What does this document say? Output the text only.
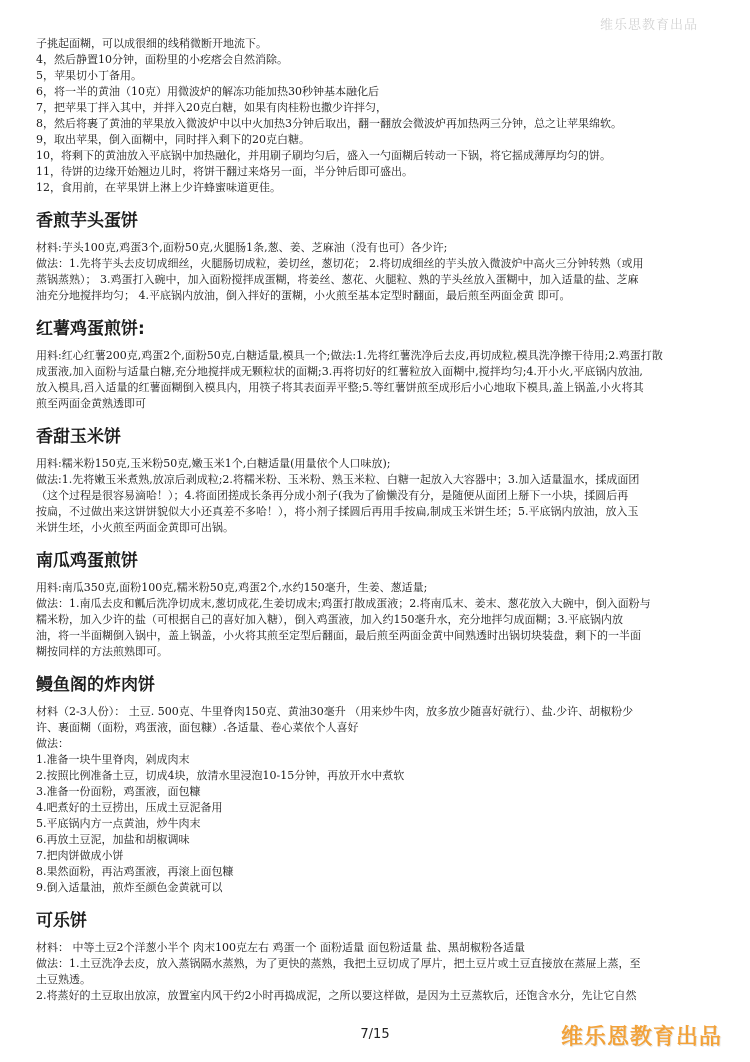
维乐思教育出品
子挑起面糊，可以成很细的线稍微断开地流下。
4，然后静置10分钟，面粉里的小疙瘩会自然消除。
5，苹果切小丁备用。
6，将一半的黄油（10克）用微波炉的解冻功能加热30秒钟基本融化后
7，把苹果丁拌入其中，并拌入20克白糖，如果有肉桂粉也撒少许拌匀，
8，然后将裹了黄油的苹果放入微波炉中以中火加热3分钟后取出，翻一翻放会微波炉再加热两三分钟，总之让苹果绵软。
9，取出苹果，倒入面糊中，同时拌入剩下的20克白糖。
10，将剩下的黄油放入平底锅中加热融化，并用刷子刷均匀后，盛入一勺面糊后转动一下锅，将它摇成薄厚均匀的饼。
11，待饼的边缘开始翘边儿时，将饼干翻过来烙另一面，半分钟后即可盛出。
12，食用前，在苹果饼上淋上少许蜂蜜味道更佳。
香煎芋头蛋饼
材料:芋头100克,鸡蛋3个,面粉50克,火腿肠1条,葱、姜、芝麻油（没有也可）各少许;
做法：1.先将芋头去皮切成细丝，火腿肠切成粒，姜切丝，葱切花； 2.将切成细丝的芋头放入微波炉中高火三分钟转熟（或用
蒸锅蒸熟）； 3.鸡蛋打入碗中，加入面粉搅拌成蛋糊，将姜丝、葱花、火腿粒、熟的芋头丝放入蛋糊中，加入适量的盐、芝麻
油充分地搅拌均匀； 4.平底锅内放油，倒入拌好的蛋糊，小火煎至基本定型时翻面，最后煎至两面金黄 即可。
红薯鸡蛋煎饼:
用料:红心红薯200克,鸡蛋2个,面粉50克,白糖适量,模具一个;做法:1.先将红薯洗净后去皮,再切成粒,模具洗净擦干待用;2.鸡蛋打散
成蛋液,加入面粉与适量白糖,充分地搅拌成无颗粒状的面糊;3.再将切好的红薯粒放入面糊中,搅拌均匀;4.开小火,平底锅内放油,
放入模具,舀入适量的红薯面糊倒入模具内，用筷子将其表面弄平整;5.等红薯饼煎至成形后小心地取下模具,盖上锅盖,小火将其
煎至两面金黄熟透即可
香甜玉米饼
用料:糯米粉150克,玉米粉50克,嫩玉米1个,白糖适量(用量依个人口味放);
做法:1.先将嫩玉米煮熟,放凉后剥成粒;2.将糯米粉、玉米粉、熟玉米粒、白糖一起放入大容器中；3.加入适量温水，揉成面团
（这个过程是很容易滴哈！）；4.将面团搓成长条再分成小剂子(我为了偷懒没有分，是随便从面团上掰下一小块，揉圆后再
按扁，不过做出来这饼饼貌似大小还真差不多哈！），将小剂子揉圆后再用手按扁,制成玉米饼生坯；5.平底锅内放油，放入玉
米饼生坯，小火煎至两面金黄即可出锅。
南瓜鸡蛋煎饼
用料:南瓜350克,面粉100克,糯米粉50克,鸡蛋2个,水约150毫升，生姜、葱适量;
做法：1.南瓜去皮和瓤后洗净切成末,葱切成花,生姜切成末;鸡蛋打散成蛋液；2.将南瓜末、姜末、葱花放入大碗中，倒入面粉与
糯米粉，加入少许的盐（可根据自己的喜好加入糖），倒入鸡蛋液，加入约150毫升水，充分地拌匀成面糊；3.平底锅内放
油，将一半面糊倒入锅中，盖上锅盖，小火将其煎至定型后翻面，最后煎至两面金黄中间熟透时出锅切块装盘，剩下的一半面
糊按同样的方法煎熟即可。
鳗鱼阁的炸肉饼
材料（2-3人份）： 土豆. 500克、牛里脊肉150克、黄油30毫升 （用来炒牛肉，放多放少随喜好就行）、盐.少许、胡椒粉少
许、裹面糊（面粉，鸡蛋液，面包糠）.各适量、卷心菜依个人喜好
做法：
1.准备一块牛里脊肉，剁成肉末
2.按照比例准备土豆，切成4块，放清水里浸泡10-15分钟，再放开水中煮软
3.准备一份面粉，鸡蛋液，面包糠
4.吧煮好的土豆捞出，压成土豆泥备用
5.平底锅内方一点黄油，炒牛肉末
6.再放土豆泥，加盐和胡椒调味
7.把肉饼做成小饼
8.果然面粉，再沾鸡蛋液，再滚上面包糠
9.倒入适量油，煎炸至颜色金黄就可以
可乐饼
材料： 中等土豆2个洋葱小半个 肉末100克左右 鸡蛋一个 面粉适量 面包粉适量 盐、黑胡椒粉各适量
做法：1.土豆洗净去皮，放入蒸锅隔水蒸熟，为了更快的蒸熟，我把土豆切成了厚片，把土豆片或土豆直接放在蒸屉上蒸，至
土豆熟透。
2.将蒸好的土豆取出放凉，放置室内风干约2小时再捣成泥，之所以要这样做，是因为土豆蒸软后，还饱含水分，先让它自然
7/15	维乐恩教育出品
